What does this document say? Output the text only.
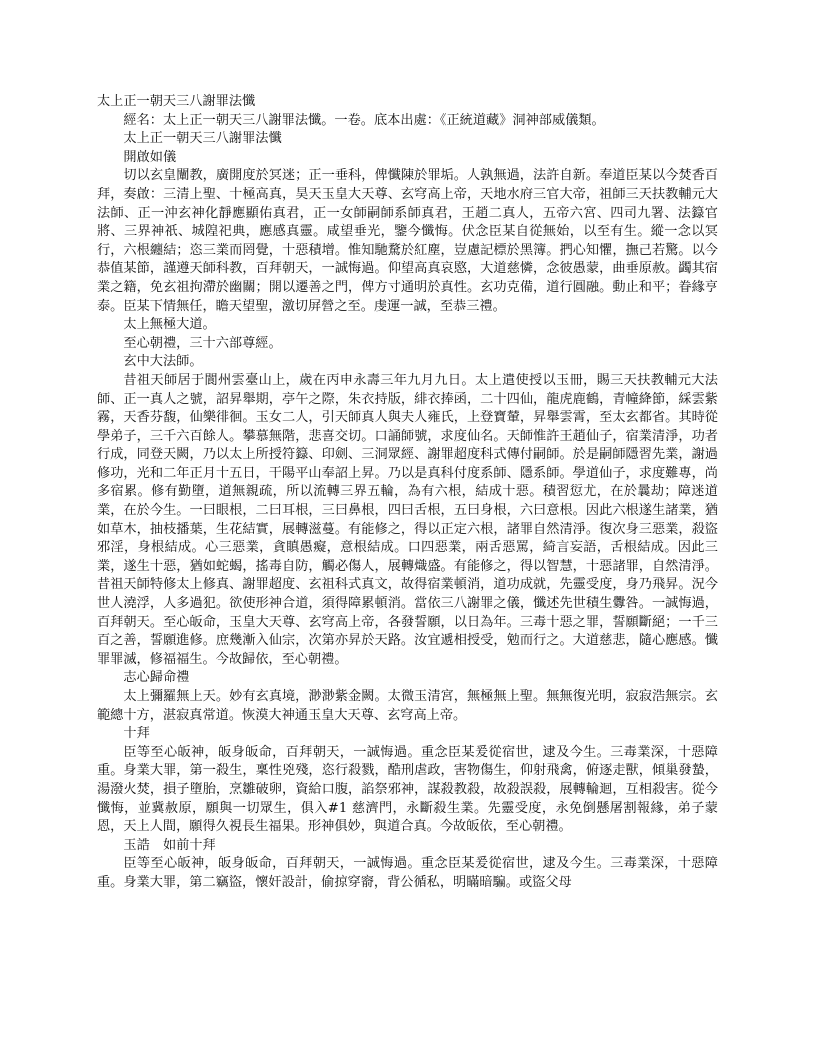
太上正一朝天三八謝罪法懺

經名：太上正一朝天三八謝罪法懺。一卷。底本出處：《正統道藏》洞神部威儀類。

太上正一朝天三八謝罪法懺

開啟如儀

切以玄皇闡教，廣開度於冥迷；正一垂科，俾懺陳於罪垢。人孰無過，法許自新。奉道臣某以今焚香百拜，奏啟：三清上聖、十極高真，昊天玉皇大天尊、玄穹高上帝，天地水府三官大帝，祖師三天扶教輔元大法師、正一沖玄神化靜應顯佑真君，正一女師嗣師系師真君，王趙二真人，五帝六宮、四司九署、法籙官將、三界神祇、城隍祀典，應感真靈。咸望垂光，鑒今懺悔。伏念臣某自從無始，以至有生。縱一念以冥行，六根纏結；恣三業而罔覺，十惡積增。惟知馳騖於紅塵，豈慮記標於黑簿。捫心知懼，撫己若驚。以今恭值某節，謹遵天師科教，百拜朝天，一誠悔過。仰望高真哀愍，大道慈憐，念彼愚蒙，曲垂原赦。蠲其宿業之籍，免玄祖拘滯於幽關；開以遷善之門，俾方寸通明於真性。玄功克備，道行圓融。動止和平；眷緣亨泰。臣某下情無任，瞻天望聖，激切屏營之至。虔運一誠，至恭三禮。

太上無極大道。

至心朝禮，三十六部尊經。

玄中大法師。

昔祖天師居于閬州雲臺山上，歲在丙申永壽三年九月九日。太上遣使授以玉冊，賜三天扶教輔元大法師、正一真人之號，詔昇舉期，亭午之際，朱衣持版，緋衣捧函，二十四仙，龍虎鹿鶴，青幢絳節，綵雲紫霧，天香芬馥，仙樂徘徊。玉女二人，引天師真人與夫人雍氏，上登寶輦，昇舉雲霄，至太玄都省。其時從學弟子，三千六百餘人。攀慕無階，悲喜交切。口誦師號，求度仙名。天師惟許王趙仙子，宿業清淨，功者行成，同登天闕，乃以太上所授符籙、印劍、三洞眾經、謝罪超度科式傳付嗣師。於是嗣師隱習先業，謝過修功，光和二年正月十五日，干陽平山奉詔上昇。乃以是真科付度系師、隱系師。學道仙子，求度難專，尚多宿累。修有勤墮，道無親疏，所以流轉三界五輪，為有六根，結成十惡。積習愆尤，在於曩劫；障迷道業，在於今生。一曰眼根，二曰耳根，三曰鼻根，四曰舌根，五曰身根，六曰意根。因此六根遂生諸業，猶如草木，抽枝播葉，生花結實，展轉滋蔓。有能修之，得以正定六根，諸罪自然清淨。復次身三惡業，殺盜邪淫，身根結成。心三惡業，貪瞋愚癡，意根結成。口四惡業，兩舌惡罵，綺言妄語，舌根結成。因此三業，遂生十惡，猶如蛇蝎，搖毒自防，觸必傷人，展轉熾盛。有能修之，得以智慧，十惡諸罪，自然清淨。昔祖天師特修太上修真、謝罪超度、玄祖科式真文，故得宿業頓消，道功成就，先靈受度，身乃飛昇。況今世人澆浮，人多過犯。欲使形神合道，須得障累頓消。當依三八謝罪之儀，懺述先世積生釁咎。一誠悔過，百拜朝天。至心皈命，玉皇大天尊、玄穹高上帝，各發誓願，以日為年。三毒十惡之罪，誓願斷絕；一千三百之善，誓願進修。庶幾漸入仙宗，次第亦昇於天路。汝宜遞相授受，勉而行之。大道慈悲，隨心應感。懺罪罪滅，修福福生。今故歸依，至心朝禮。

志心歸命禮

太上彌羅無上天。妙有玄真境，渺渺紫金闕。太微玉清宮，無極無上聖。無無復光明，寂寂浩無宗。玄範總十方，湛寂真常道。恢漠大神通玉皇大天尊、玄穹高上帝。

十拜

臣等至心皈神，皈身皈命，百拜朝天，一誠悔過。重念臣某爰從宿世，逮及今生。三毒業深，十惡障重。身業大罪，第一殺生，稟性兇殘，恣行殺戮，酷刑虐政，害物傷生，仰射飛禽，俯逐走獸，傾巢發蟄，湯潑火焚，損子墮胎，烹雛破卵，資給口腹，諂祭邪神，謀殺教殺，故殺誤殺，展轉輪迴，互相殺害。從今懺悔，並冀赦原，願與一切眾生，俱入#1 慈濟門，永斷殺生業。先靈受度，永免倒懸屠割報緣，弟子蒙恩，天上人間，願得久視長生福果。形神俱妙，與道合真。今故皈依，至心朝禮。

玉誥　如前十拜

臣等至心皈神，皈身皈命，百拜朝天，一誠悔過。重念臣某爰從宿世，逮及今生。三毒業深，十惡障重。身業大罪，第二竊盜，懷奸設計，偷掠穿窬，背公循私，明瞞暗騙。或盜父母
